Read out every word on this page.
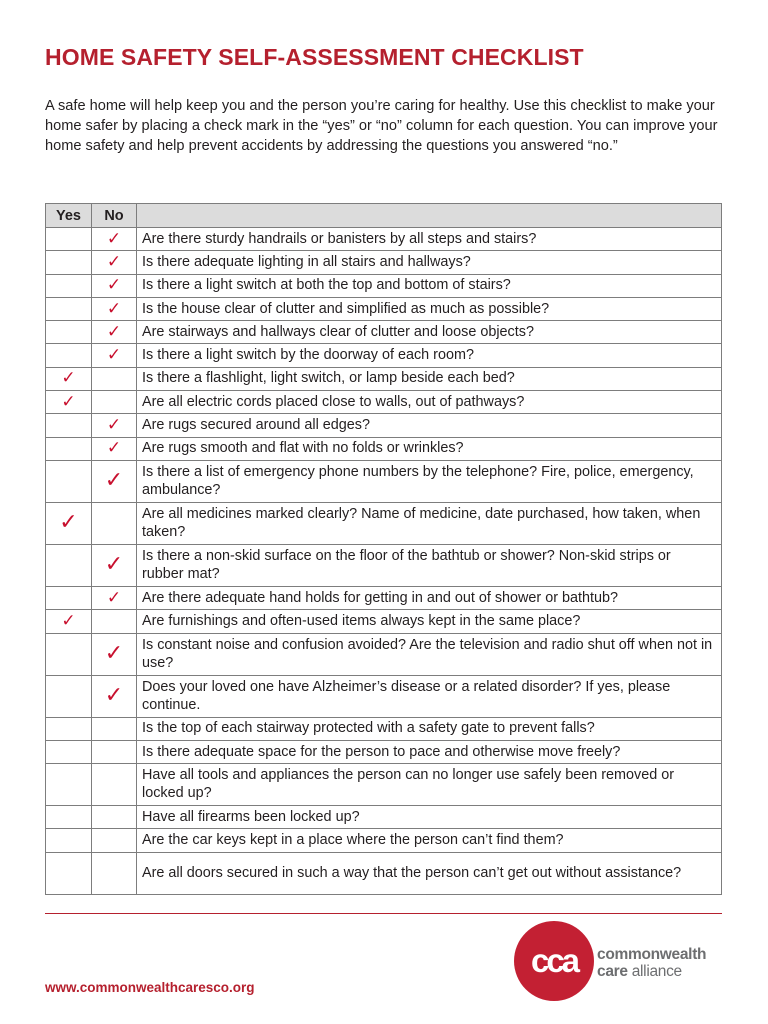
HOME SAFETY SELF-ASSESSMENT CHECKLIST

A safe home will help keep you and the person you’re caring for healthy. Use this checklist to make your home safer by placing a check mark in the “yes” or “no” column for each question. You can improve your home safety and help prevent accidents by addressing the questions you answered “no.”

Yes	No	
	✓	Are there sturdy handrails or banisters by all steps and stairs?
	✓	Is there adequate lighting in all stairs and hallways?
	✓	Is there a light switch at both the top and bottom of stairs?
	✓	Is the house clear of clutter and simplified as much as possible?
	✓	Are stairways and hallways clear of clutter and loose objects?
	✓	Is there a light switch by the doorway of each room?
✓		Is there a flashlight, light switch, or lamp beside each bed?
✓		Are all electric cords placed close to walls, out of pathways?
	✓	Are rugs secured around all edges?
	✓	Are rugs smooth and flat with no folds or wrinkles?
	✓	Is there a list of emergency phone numbers by the telephone? Fire, police, emergency, ambulance?
✓		Are all medicines marked clearly? Name of medicine, date purchased, how taken, when taken?
	✓	Is there a non-skid surface on the floor of the bathtub or shower? Non-skid strips or rubber mat?
	✓	Are there adequate hand holds for getting in and out of shower or bathtub?
✓		Are furnishings and often-used items always kept in the same place?
	✓	Is constant noise and confusion avoided? Are the television and radio shut off when not in use?
	✓	Does your loved one have Alzheimer’s disease or a related disorder? If yes, please continue.
		Is the top of each stairway protected with a safety gate to prevent falls?
		Is there adequate space for the person to pace and otherwise move freely?
		Have all tools and appliances the person can no longer use safely been removed or locked up?
		Have all firearms been locked up?
		Are the car keys kept in a place where the person can’t find them?
		Are all doors secured in such a way that the person can’t get out without assistance?
www.commonwealthcaresco.org
cca	commonwealth
care alliance
